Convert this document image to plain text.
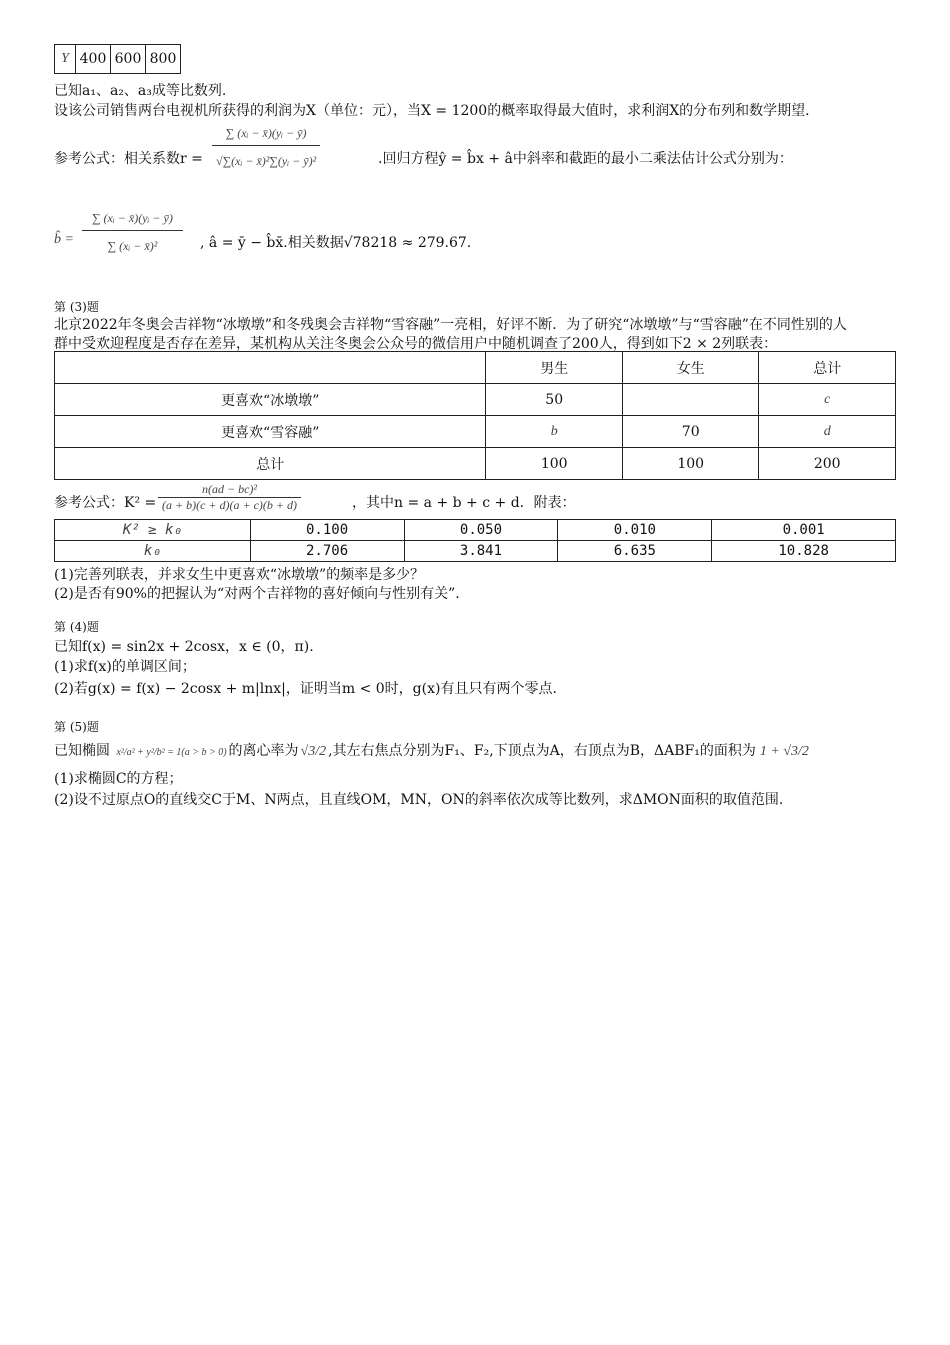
Y	400	600	800
已知a₁、a₂、a₃成等比数列.
设该公司销售两台电视机所获得的利润为X（单位：元），当X = 1200的概率取得最大值时，求利润X的分布列和数学期望.
参考公式：相关系数$r = \frac{\text{∑ (xᵢ − x̄)(yᵢ − ȳ)}}{\text{√∑(xᵢ − x̄)²∑(yᵢ − ȳ)²}}$	.回归方程ŷ = b̂x + â中斜率和截距的最小二乘法估计公式分别为：
b̂ = $\frac{\text{∑ (xᵢ − x̄)(yᵢ − ȳ)}}{\text{∑ (xᵢ − x̄)²}}$ , â = ȳ − b̂x̄.相关数据√78218 ≈ 279.67.
第 (3)题
北京2022年冬奥会吉祥物“冰墩墩”和冬残奥会吉祥物“雪容融”一亮相，好评不断．为了研究“冰墩墩”与“雪容融”在不同性别的人
群中受欢迎程度是否存在差异，某机构从关注冬奥会公众号的微信用户中随机调查了200人，得到如下2 × 2列联表：
	男生	女生	总计
更喜欢“冰墩墩”	50		c
更喜欢“雪容融”	b	70	d
总计	100	100	200
参考公式：$K^2 = \frac{\text{n(ad − bc)²}}{(a + b)(c + d)(a + c)(b + d)}$	，其中n = a + b + c + d．附表：
K² ≥ k₀	0.100	0.050	0.010	0.001
k₀	2.706	3.841	6.635	10.828
(1)完善列联表，并求女生中更喜欢“冰墩墩”的频率是多少？
(2)是否有90%的把握认为“对两个吉祥物的喜好倾向与性别有关”.
第 (4)题
已知f(x) = sin2x + 2cosx，x ∈ (0，π).
(1)求f(x)的单调区间；
(2)若g(x) = f(x) − 2cosx + m|lnx|，证明当m < 0时，g(x)有且只有两个零点.
第 (5)题
已知椭圆 x²/a² + y²/b² = 1(a > b > 0) 的离心率为 √3/2 ,其左右焦点分别为F₁、F₂,下顶点为A，右顶点为B，ΔABF₁的面积为 1 + √3/2
(1)求椭圆C的方程；
(2)设不过原点O的直线交C于M、N两点，且直线OM，MN，ON的斜率依次成等比数列，求ΔMON面积的取值范围.
